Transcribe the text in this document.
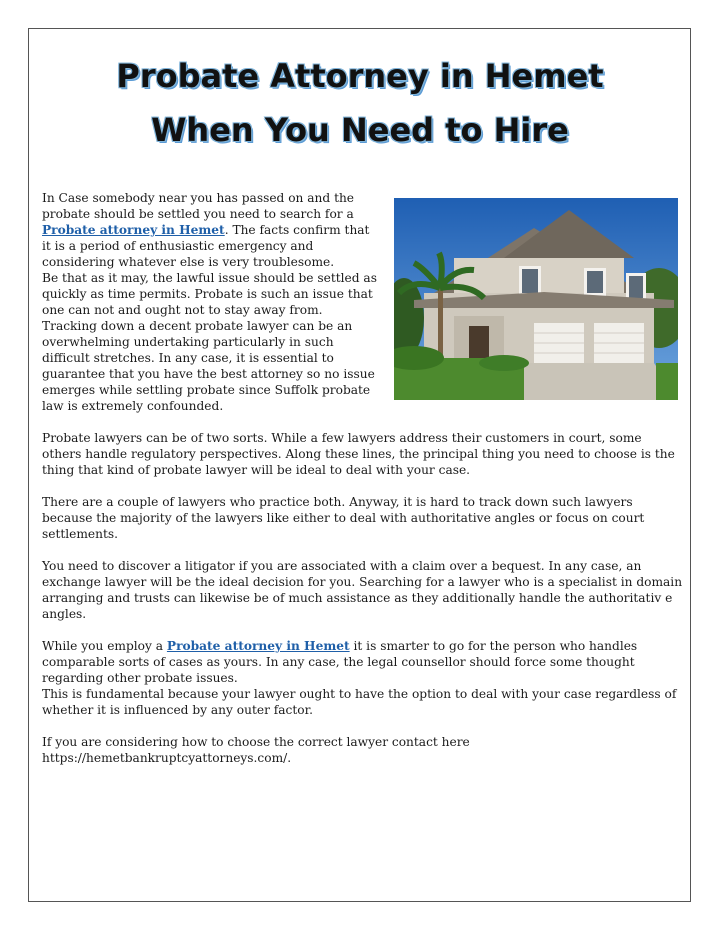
Probate Attorney in Hemet
When You Need to Hire

In Case somebody near you has passed on and the

probate should be settled you need to search for a

Probate attorney in Hemet. The facts confirm that

it is a period of enthusiastic emergency and

considering whatever else is very troublesome.

Be that as it may, the lawful issue should be settled as

quickly as time permits. Probate is such an issue that

one can not and ought not to stay away from.

Tracking down a decent probate lawyer can be an

overwhelming undertaking particularly in such

difficult stretches. In any case, it is essential to

guarantee that you have the best attorney so no issue

emerges while settling probate since Suffolk probate

law is extremely confounded.

Probate lawyers can be of two sorts. While a few lawyers address their customers in court, some

others handle regulatory perspectives. Along these lines, the principal thing you need to choose is the

thing that kind of probate lawyer will be ideal to deal with your case.

There are a couple of lawyers who practice both. Anyway, it is hard to track down such lawyers

because the majority of the lawyers like either to deal with authoritative angles or focus on court

settlements.

You need to discover a litigator if you are associated with a claim over a bequest. In any case, an

exchange lawyer will be the ideal decision for you. Searching for a lawyer who is a specialist in domain

arranging and trusts can likewise be of much assistance as they additionally handle the authoritativ e

angles.

While you employ a Probate attorney in Hemet it is smarter to go for the person who handles

comparable sorts of cases as yours. In any case, the legal counsellor should force some thought

regarding other probate issues.

This is fundamental because your lawyer ought to have the option to deal with your case regardless of

whether it is influenced by any outer factor.

If you are considering how to choose the correct lawyer contact here

https://hemetbankruptcyattorneys.com/.
